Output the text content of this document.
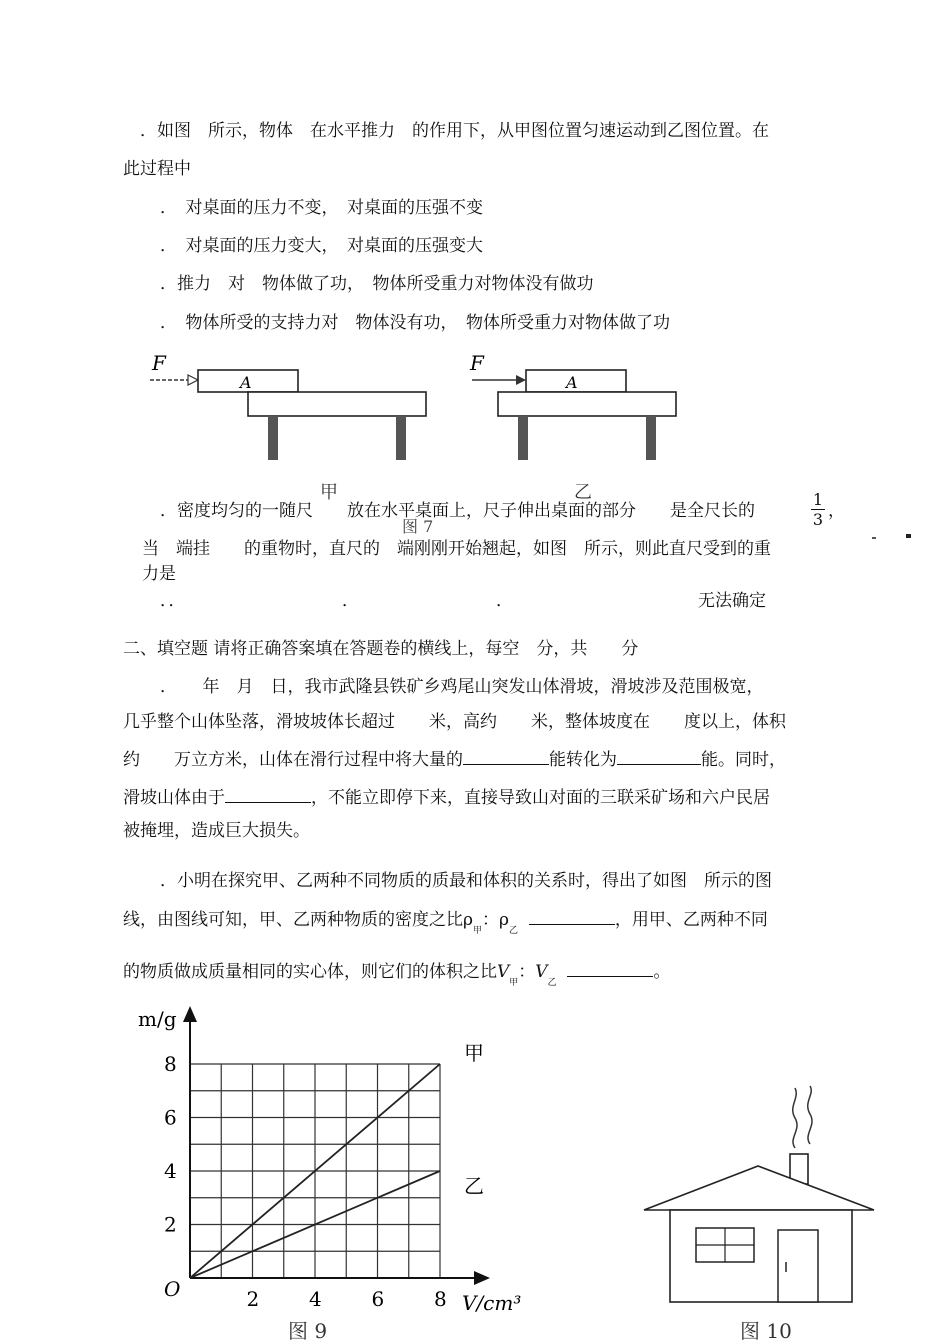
．如图　所示，物体　在水平推力　的作用下，从甲图位置匀速运动到乙图位置。在
此过程中
．　对桌面的压力不变，　对桌面的压强不变
．　对桌面的压力变大，　对桌面的压强变大
．推力　对　物体做了功，　物体所受重力对物体没有做功
．　物体所受的支持力对　物体没有功，　物体所受重力对物体做了功
F
A
甲
F
A
乙
图 7
．密度均匀的一随尺　　放在水平桌面上，尺子伸出桌面的部分　　是全尺长的
1
3 ，
当　端挂　　的重物时，直尺的　端刚刚开始翘起，如图　所示，则此直尺受到的重
力是
．．	．	．	无法确定
二、填空题 请将正确答案填在答题卷的横线上，每空　分，共　　分
．　　年　月　日，我市武隆县铁矿乡鸡尾山突发山体滑坡，滑坡涉及范围极宽，
几乎整个山体坠落，滑坡坡体长超过　　米，高约　　米，整体坡度在　　度以上，体积
约　　万立方米，山体在滑行过程中将大量的	能转化为	能。同时，
滑坡山体由于	，不能立即停下来，直接导致山对面的三联采矿场和六户民居
被掩埋，造成巨大损失。
．小明在探究甲、乙两种不同物质的质最和体积的关系时，得出了如图　所示的图
线，由图线可知，甲、乙两种物质的密度之比$\rho_甲$：$\rho_乙$  ，用甲、乙两种不同
的物质做成质量相同的实心体，则它们的体积之比$V_甲$：$V_乙$  。
2
4
6
8
2 4 6 8
m/g
V/cm³
O
甲
乙
图 9	图 10
